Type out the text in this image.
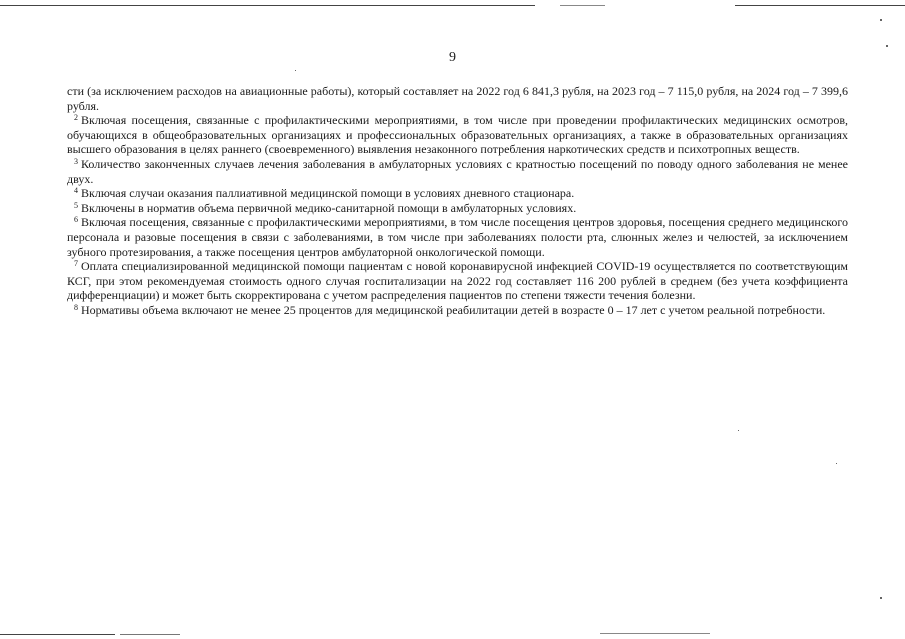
9

сти (за исключением расходов на авиационные работы), который составляет на 2022 год 6 841,3 рубля, на 2023 год – 7 115,0 рубля, на 2024 год – 7 399,6 рубля.

$^2$ Включая посещения, связанные с профилактическими мероприятиями, в том числе при проведении профилактических медицинских осмотров, обучающихся в общеобразовательных организациях и профессиональных образовательных организациях, а также в образовательных организациях высшего образования в целях раннего (своевременного) выявления незаконного потребления наркотических средств и психотропных веществ.

$^3$ Количество законченных случаев лечения заболевания в амбулаторных условиях с кратностью посещений по поводу одного заболевания не менее двух.

$^4$ Включая случаи оказания паллиативной медицинской помощи в условиях дневного стационара.

$^5$ Включены в норматив объема первичной медико-санитарной помощи в амбулаторных условиях.

$^6$ Включая посещения, связанные с профилактическими мероприятиями, в том числе посещения центров здоровья, посещения среднего медицинского персонала и разовые посещения в связи с заболеваниями, в том числе при заболеваниях полости рта, слюнных желез и челюстей, за исключением зубного протезирования, а также посещения центров амбулаторной онкологической помощи.

$^7$ Оплата специализированной медицинской помощи пациентам с новой коронавирусной инфекцией COVID-19 осуществляется по соответствующим КСГ, при этом рекомендуемая стоимость одного случая госпитализации на 2022 год составляет 116 200 рублей в среднем (без учета коэффициента дифференциации) и может быть скорректирована с учетом распределения пациентов по степени тяжести течения болезни.

$^8$ Нормативы объема включают не менее 25 процентов для медицинской реабилитации детей в возрасте 0 – 17 лет с учетом реальной потребности.
